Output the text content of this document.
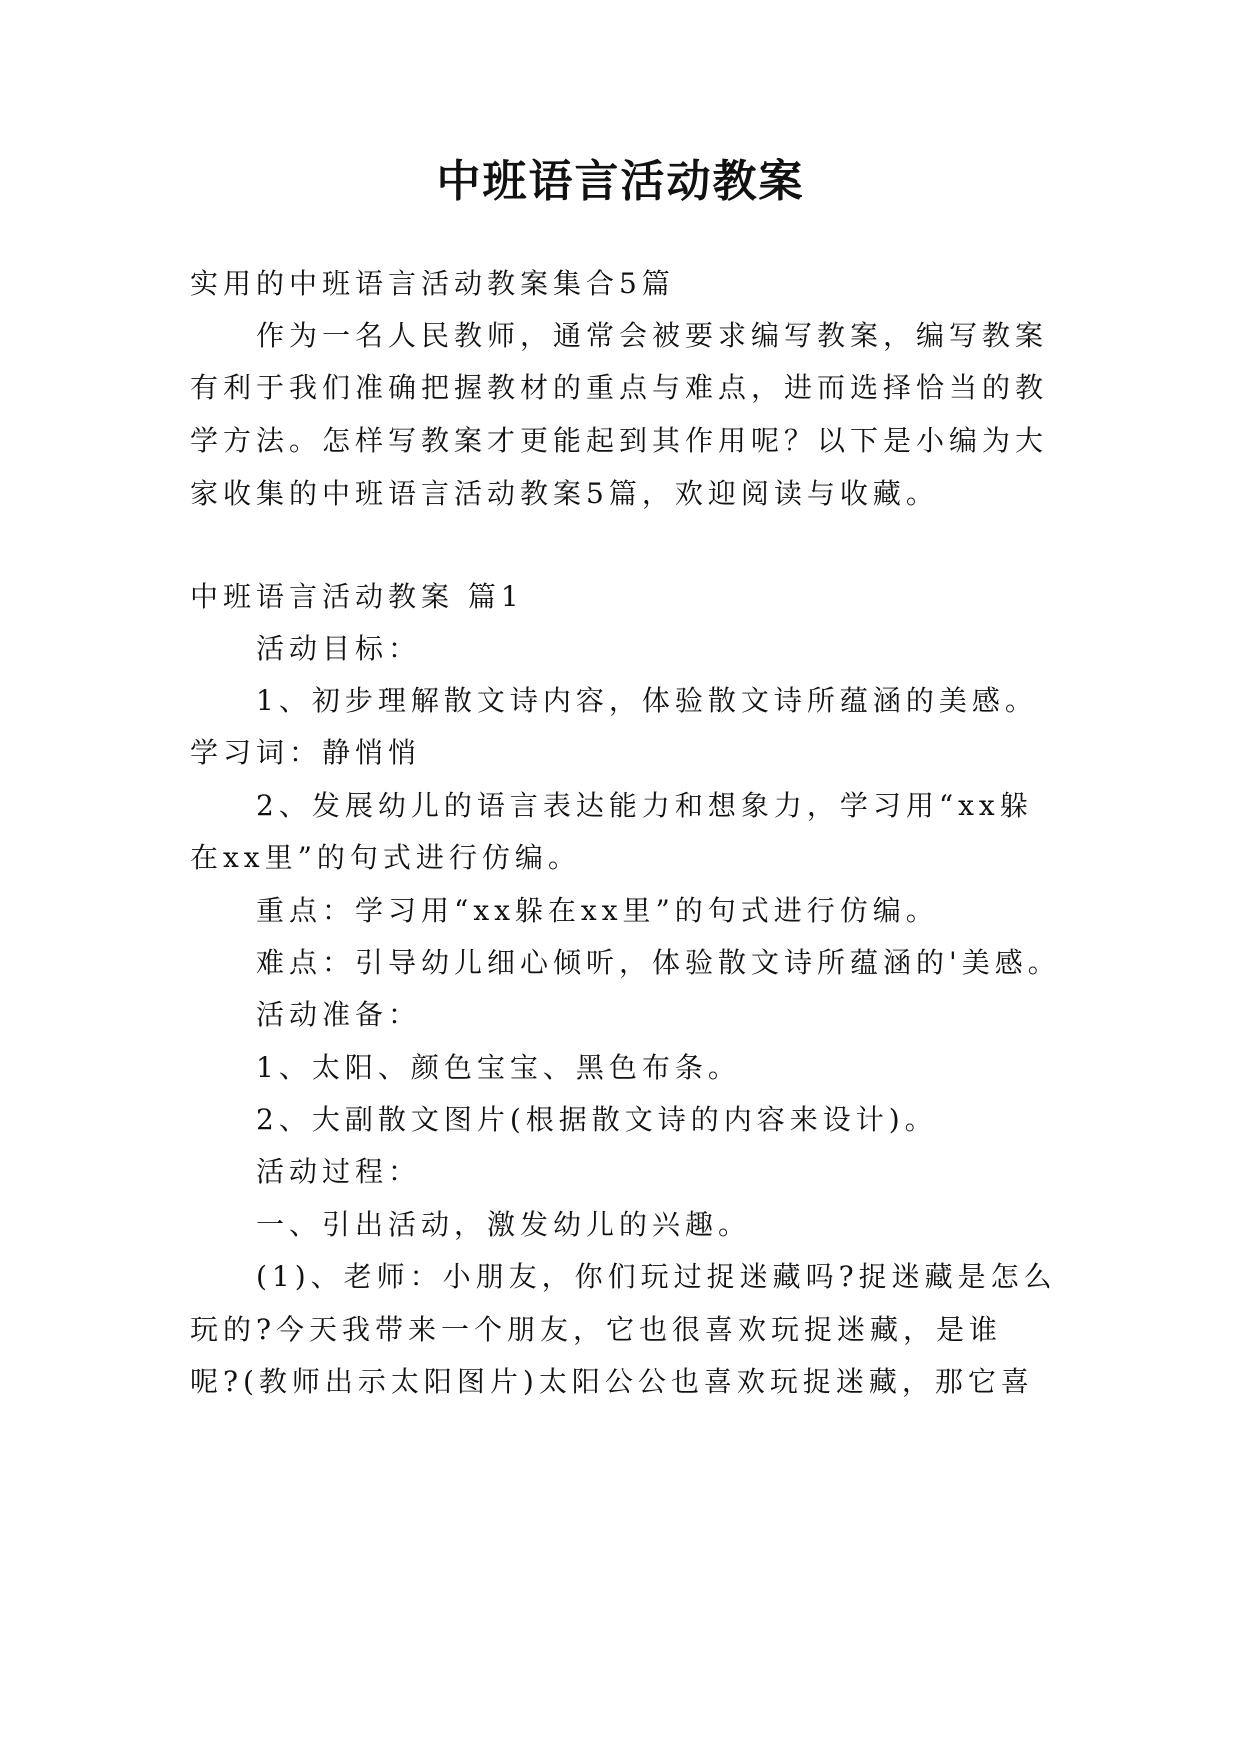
中班语言活动教案
实用的中班语言活动教案集合5篇
作为一名人民教师，通常会被要求编写教案，编写教案
有利于我们准确把握教材的重点与难点，进而选择恰当的教
学方法。怎样写教案才更能起到其作用呢？以下是小编为大
家收集的中班语言活动教案5篇，欢迎阅读与收藏。
中班语言活动教案 篇1
活动目标：
1、初步理解散文诗内容，体验散文诗所蕴涵的美感。
学习词：静悄悄
2、发展幼儿的语言表达能力和想象力，学习用“xx躲
在xx里”的句式进行仿编。
重点：学习用“xx躲在xx里”的句式进行仿编。
难点：引导幼儿细心倾听，体验散文诗所蕴涵的'美感。
活动准备：
1、太阳、颜色宝宝、黑色布条。
2、大副散文图片(根据散文诗的内容来设计)。
活动过程：
一、引出活动，激发幼儿的兴趣。
(1)、老师：小朋友，你们玩过捉迷藏吗?捉迷藏是怎么
玩的?今天我带来一个朋友，它也很喜欢玩捉迷藏，是谁
呢?(教师出示太阳图片)太阳公公也喜欢玩捉迷藏，那它喜
